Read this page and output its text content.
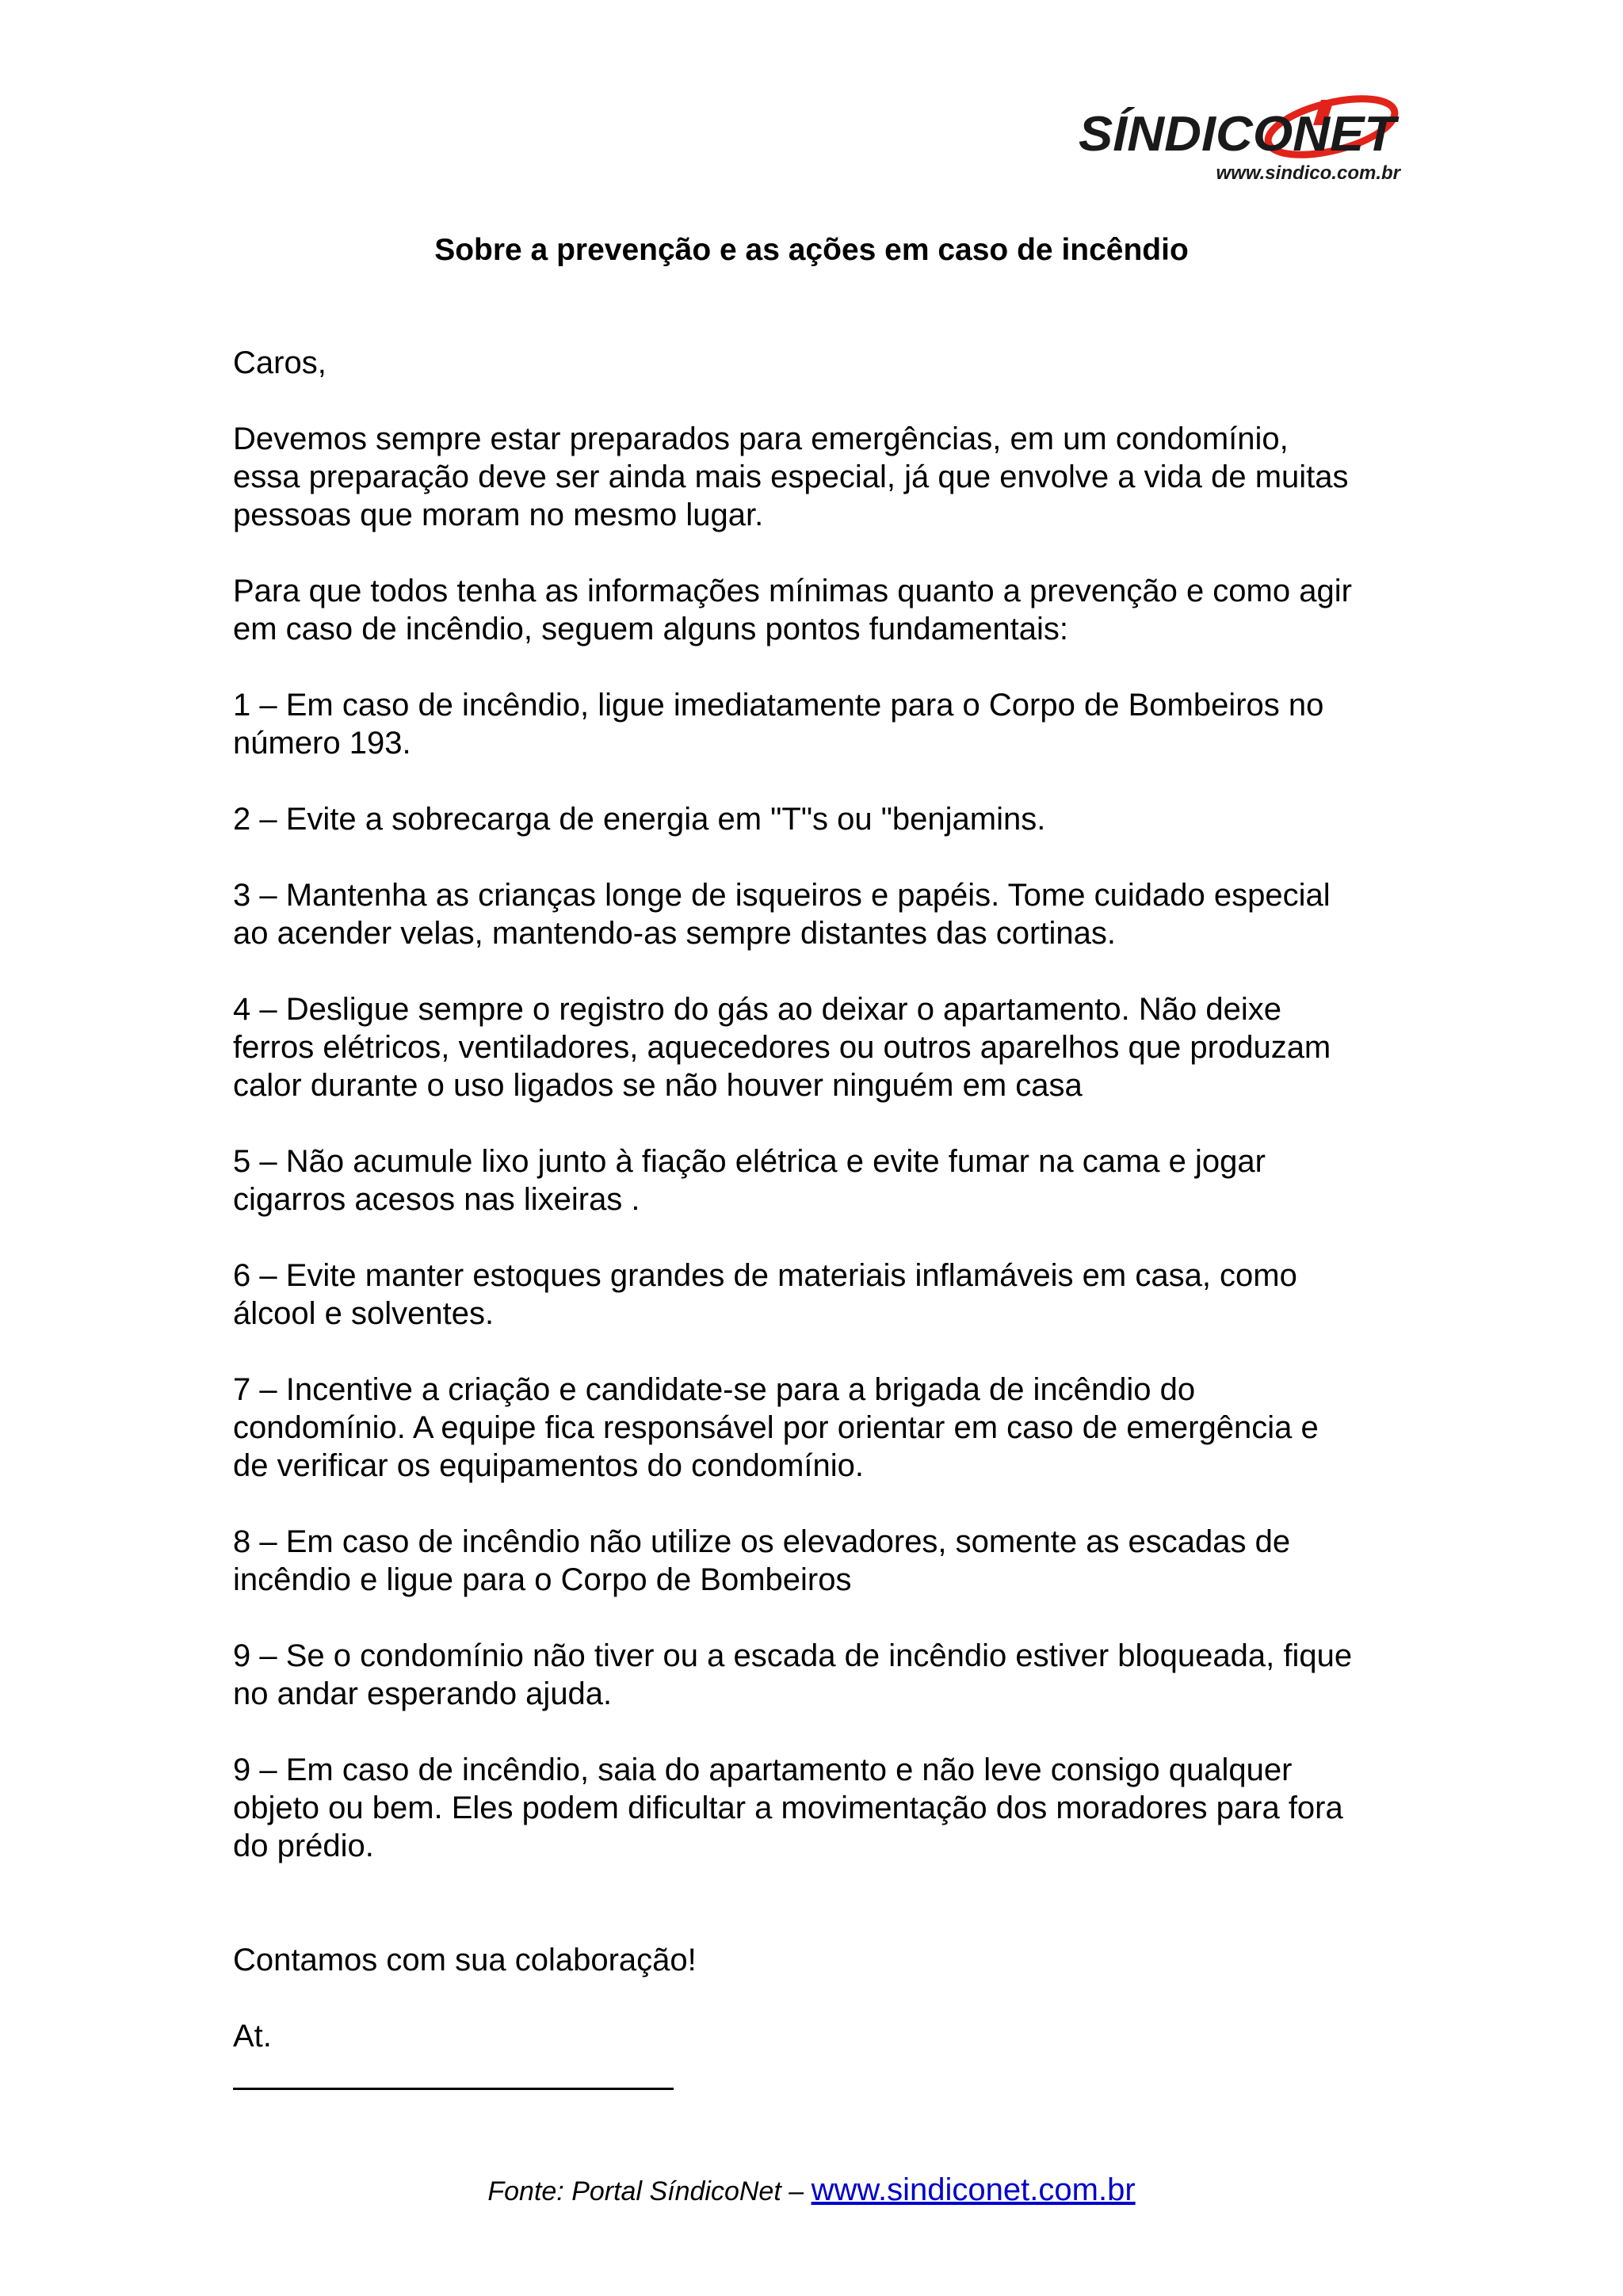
SÍNDICONET
www.sindico.com.br
Sobre a prevenção e as ações em caso de incêndio

Caros,

Devemos sempre estar preparados para emergências, em um condomínio,
essa preparação deve ser ainda mais especial, já que envolve a vida de muitas
pessoas que moram no mesmo lugar.

Para que todos tenha as informações mínimas quanto a prevenção e como agir
em caso de incêndio, seguem alguns pontos fundamentais:

1 – Em caso de incêndio, ligue imediatamente para o Corpo de Bombeiros no
número 193.

2 – Evite a sobrecarga de energia em "T"s ou "benjamins.

3 – Mantenha as crianças longe de isqueiros e papéis. Tome cuidado especial
ao acender velas, mantendo-as sempre distantes das cortinas.

4 – Desligue sempre o registro do gás ao deixar o apartamento. Não deixe
ferros elétricos, ventiladores, aquecedores ou outros aparelhos que produzam
calor durante o uso ligados se não houver ninguém em casa

5 – Não acumule lixo junto à fiação elétrica e evite fumar na cama e jogar
cigarros acesos nas lixeiras .

6 – Evite manter estoques grandes de materiais inflamáveis em casa, como
álcool e solventes.

7 – Incentive a criação e candidate-se para a brigada de incêndio do
condomínio. A equipe fica responsável por orientar em caso de emergência e
de verificar os equipamentos do condomínio.

8 – Em caso de incêndio não utilize os elevadores, somente as escadas de
incêndio e ligue para o Corpo de Bombeiros

9 – Se o condomínio não tiver ou a escada de incêndio estiver bloqueada, fique
no andar esperando ajuda.

9 – Em caso de incêndio, saia do apartamento e não leve consigo qualquer
objeto ou bem. Eles podem dificultar a movimentação dos moradores para fora
do prédio.

Contamos com sua colaboração!

At.

Fonte: Portal SíndicoNet – www.sindiconet.com.br
